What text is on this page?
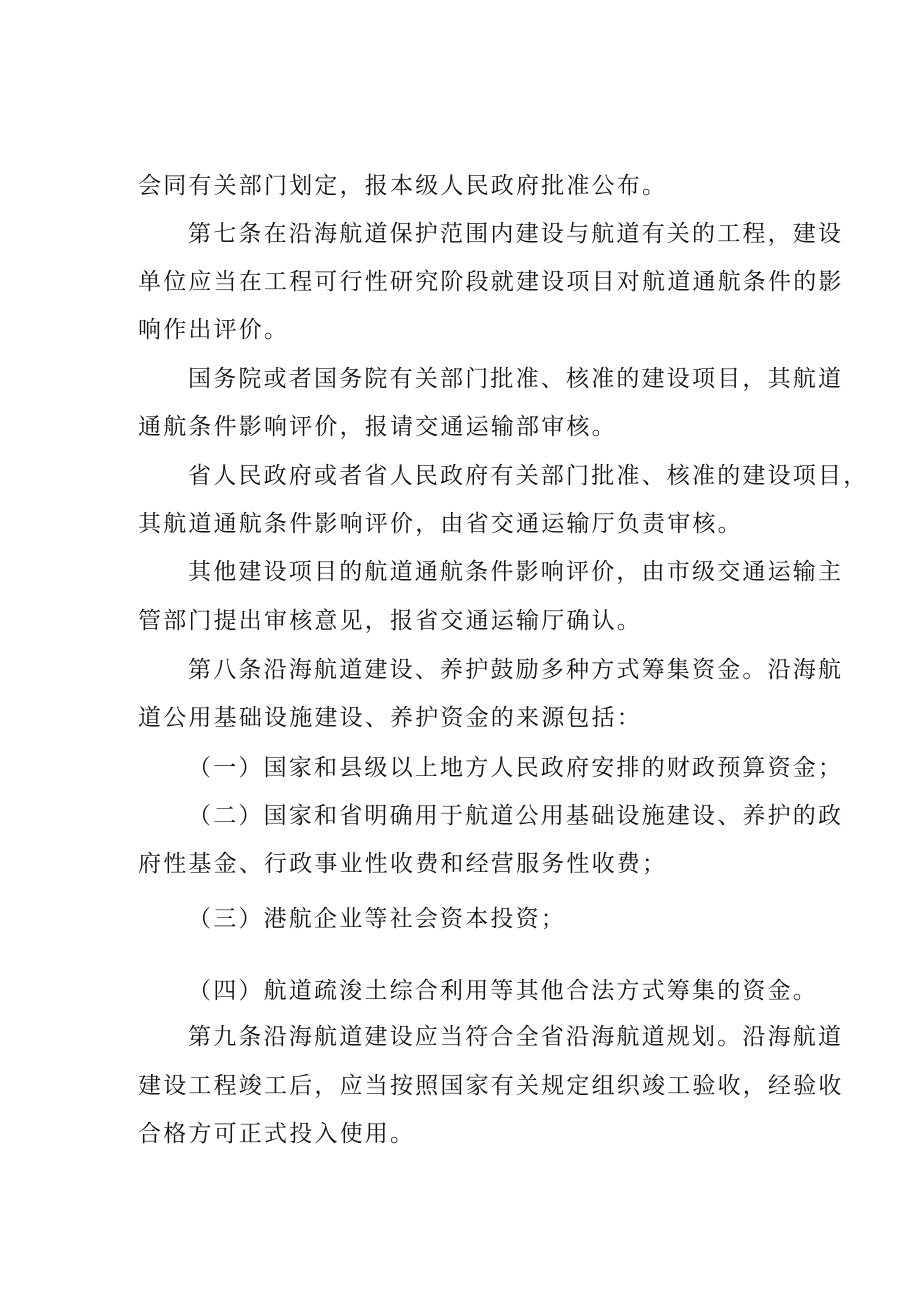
会同有关部门划定，报本级人民政府批准公布。
第七条在沿海航道保护范围内建设与航道有关的工程，建设
单位应当在工程可行性研究阶段就建设项目对航道通航条件的影
响作出评价。
国务院或者国务院有关部门批准、核准的建设项目，其航道
通航条件影响评价，报请交通运输部审核。
省人民政府或者省人民政府有关部门批准、核准的建设项目，
其航道通航条件影响评价，由省交通运输厅负责审核。
其他建设项目的航道通航条件影响评价，由市级交通运输主
管部门提出审核意见，报省交通运输厅确认。
第八条沿海航道建设、养护鼓励多种方式筹集资金。沿海航
道公用基础设施建设、养护资金的来源包括：
（一）国家和县级以上地方人民政府安排的财政预算资金；
（二）国家和省明确用于航道公用基础设施建设、养护的政
府性基金、行政事业性收费和经营服务性收费；
（三）港航企业等社会资本投资；
（四）航道疏浚土综合利用等其他合法方式筹集的资金。
第九条沿海航道建设应当符合全省沿海航道规划。沿海航道
建设工程竣工后，应当按照国家有关规定组织竣工验收，经验收
合格方可正式投入使用。
